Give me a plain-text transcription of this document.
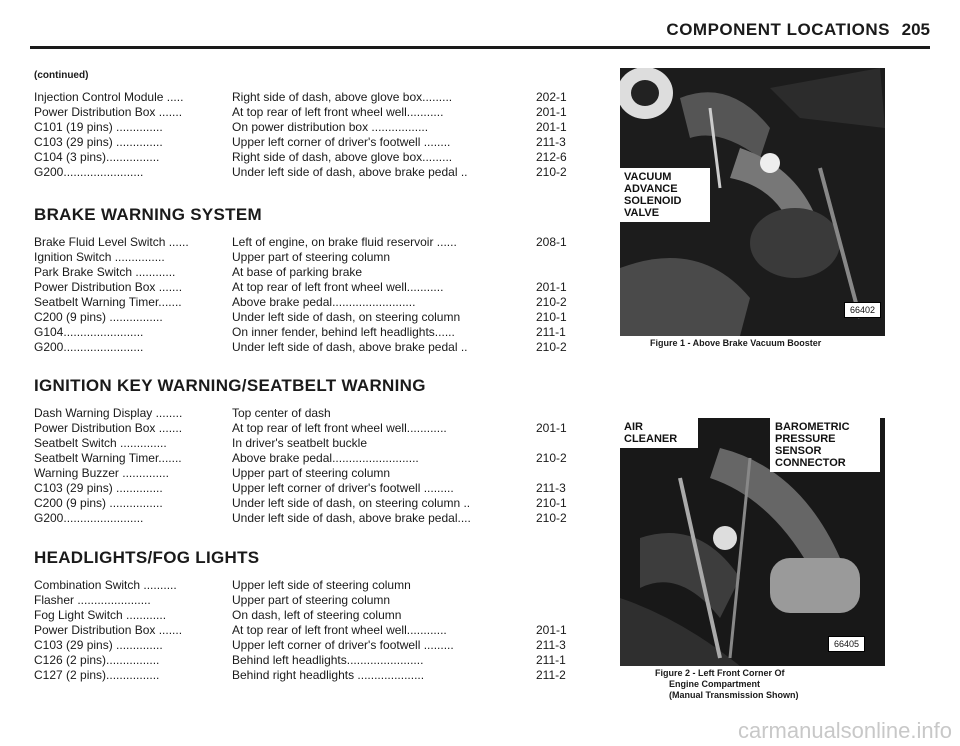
COMPONENT LOCATIONS 205
(continued)
Injection Control Module .....	Right side of dash, above glove box.........	202-1
Power Distribution Box .......	At top rear of left front wheel well...........	201-1
C101 (19 pins) ..............	On power distribution box .................	201-1
C103 (29 pins) ..............	Upper left corner of driver's footwell ........	211-3
C104 (3 pins)................	Right side of dash, above glove box.........	212-6
G200........................	Under left side of dash, above brake pedal ..	210-2
BRAKE WARNING SYSTEM
Brake Fluid Level Switch ......	Left of engine, on brake fluid reservoir ......	208-1
Ignition Switch ...............	Upper part of steering column
Park Brake Switch ............	At base of parking brake
Power Distribution Box .......	At top rear of left front wheel well...........	201-1
Seatbelt Warning Timer.......	Above brake pedal.........................	210-2
C200 (9 pins) ................	Under left side of dash, on steering column	210-1
G104........................	On inner fender, behind left headlights......	211-1
G200........................	Under left side of dash, above brake pedal ..	210-2
IGNITION KEY WARNING/SEATBELT WARNING
Dash Warning Display ........	Top center of dash
Power Distribution Box .......	At top rear of left front wheel well............	201-1
Seatbelt Switch ..............	In driver's seatbelt buckle
Seatbelt Warning Timer.......	Above brake pedal..........................	210-2
Warning Buzzer ..............	Upper part of steering column
C103 (29 pins) ..............	Upper left corner of driver's footwell .........	211-3
C200 (9 pins) ................	Under left side of dash, on steering column ..	210-1
G200........................	Under left side of dash, above brake pedal....	210-2
HEADLIGHTS/FOG LIGHTS
Combination Switch ..........	Upper left side of steering column
Flasher ......................	Upper part of steering column
Fog Light Switch ............	On dash, left of steering column
Power Distribution Box .......	At top rear of left front wheel well............	201-1
C103 (29 pins) ..............	Upper left corner of driver's footwell .........	211-3
C126 (2 pins)................	Behind left headlights.......................	211-1
C127 (2 pins)................	Behind right headlights ....................	211-2
VACUUM
ADVANCE
SOLENOID
VALVE
66402
Figure 1 - Above Brake Vacuum Booster
AIR
CLEANER
BAROMETRIC
PRESSURE
SENSOR
CONNECTOR
66405
Figure 2 - Left Front Corner Of
Engine Compartment
(Manual Transmission Shown)
carmanualsonline.info
